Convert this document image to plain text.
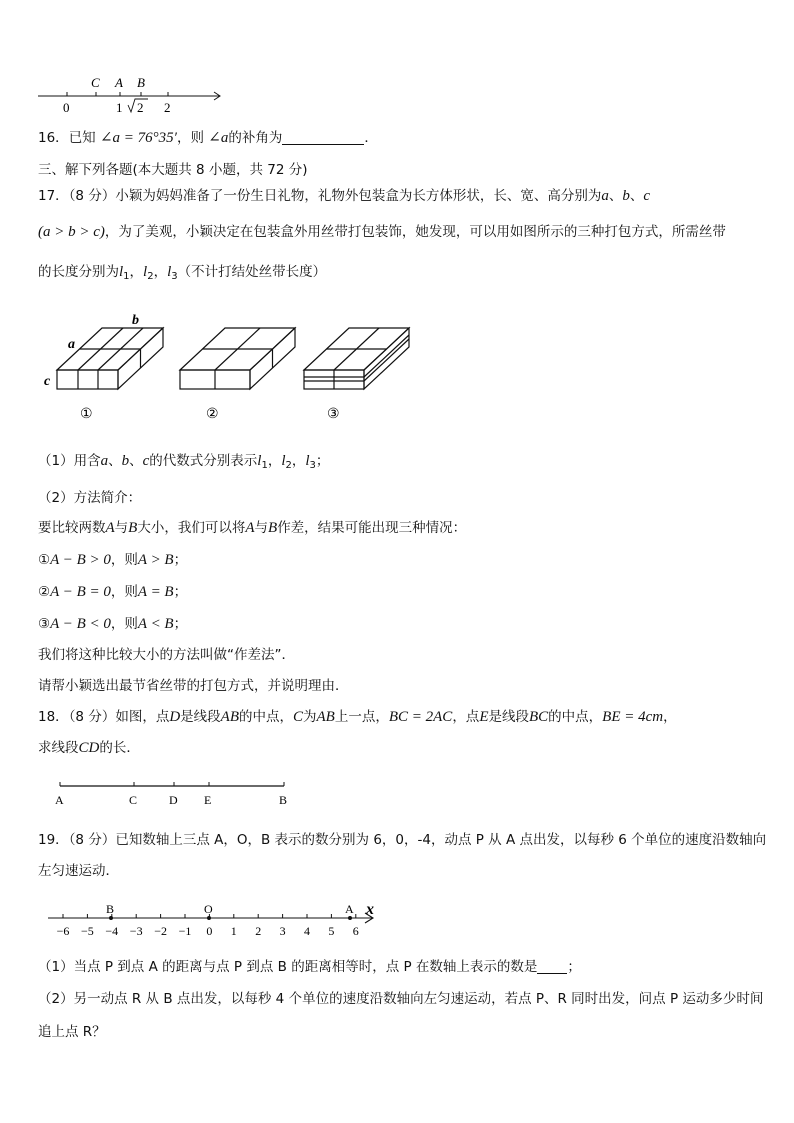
C A B
0	1 2 2
16．已知 ∠a = 76°35′，则 ∠a的补角为	．
三、解下列各题(本大题共 8 小题，共 72 分)
17．（8 分）小颖为妈妈准备了一份生日礼物，礼物外包装盒为长方体形状，长、宽、高分别为a、b、c
(a > b > c)，为了美观，小颖决定在包装盒外用丝带打包装饰，她发现，可以用如图所示的三种打包方式，所需丝带
的长度分别为$l_1$，$l_2$，$l_3$（不计打结处丝带长度）
a
b
c
①	②	③
（1）用含a、b、c的代数式分别表示$l_1$，$l_2$，$l_3$；
（2）方法简介：
要比较两数A与B大小，我们可以将A与B作差，结果可能出现三种情况：
①A − B > 0，则A > B；
②A − B = 0，则A = B；
③A − B < 0，则A < B；
我们将这种比较大小的方法叫做“作差法”．
请帮小颖选出最节省丝带的打包方式，并说明理由．
18．（8 分）如图，点D是线段AB的中点，C为AB上一点，BC = 2AC，点E是线段BC的中点，BE = 4cm，
求线段CD的长．
A	C	D E	B
19．（8 分）已知数轴上三点 A，O，B 表示的数分别为 6，0，-4，动点 P 从 A 点出发，以每秒 6 个单位的速度沿数轴向
左匀速运动．
−6 −5 −4 −3 −2 −1 0 1 2 3 4 5 6
B	O	A x
（1）当点 P 到点 A 的距离与点 P 到点 B 的距离相等时，点 P 在数轴上表示的数是 ；
（2）另一动点 R 从 B 点出发，以每秒 4 个单位的速度沿数轴向左匀速运动，若点 P、R 同时出发，问点 P 运动多少时间
追上点 R？
